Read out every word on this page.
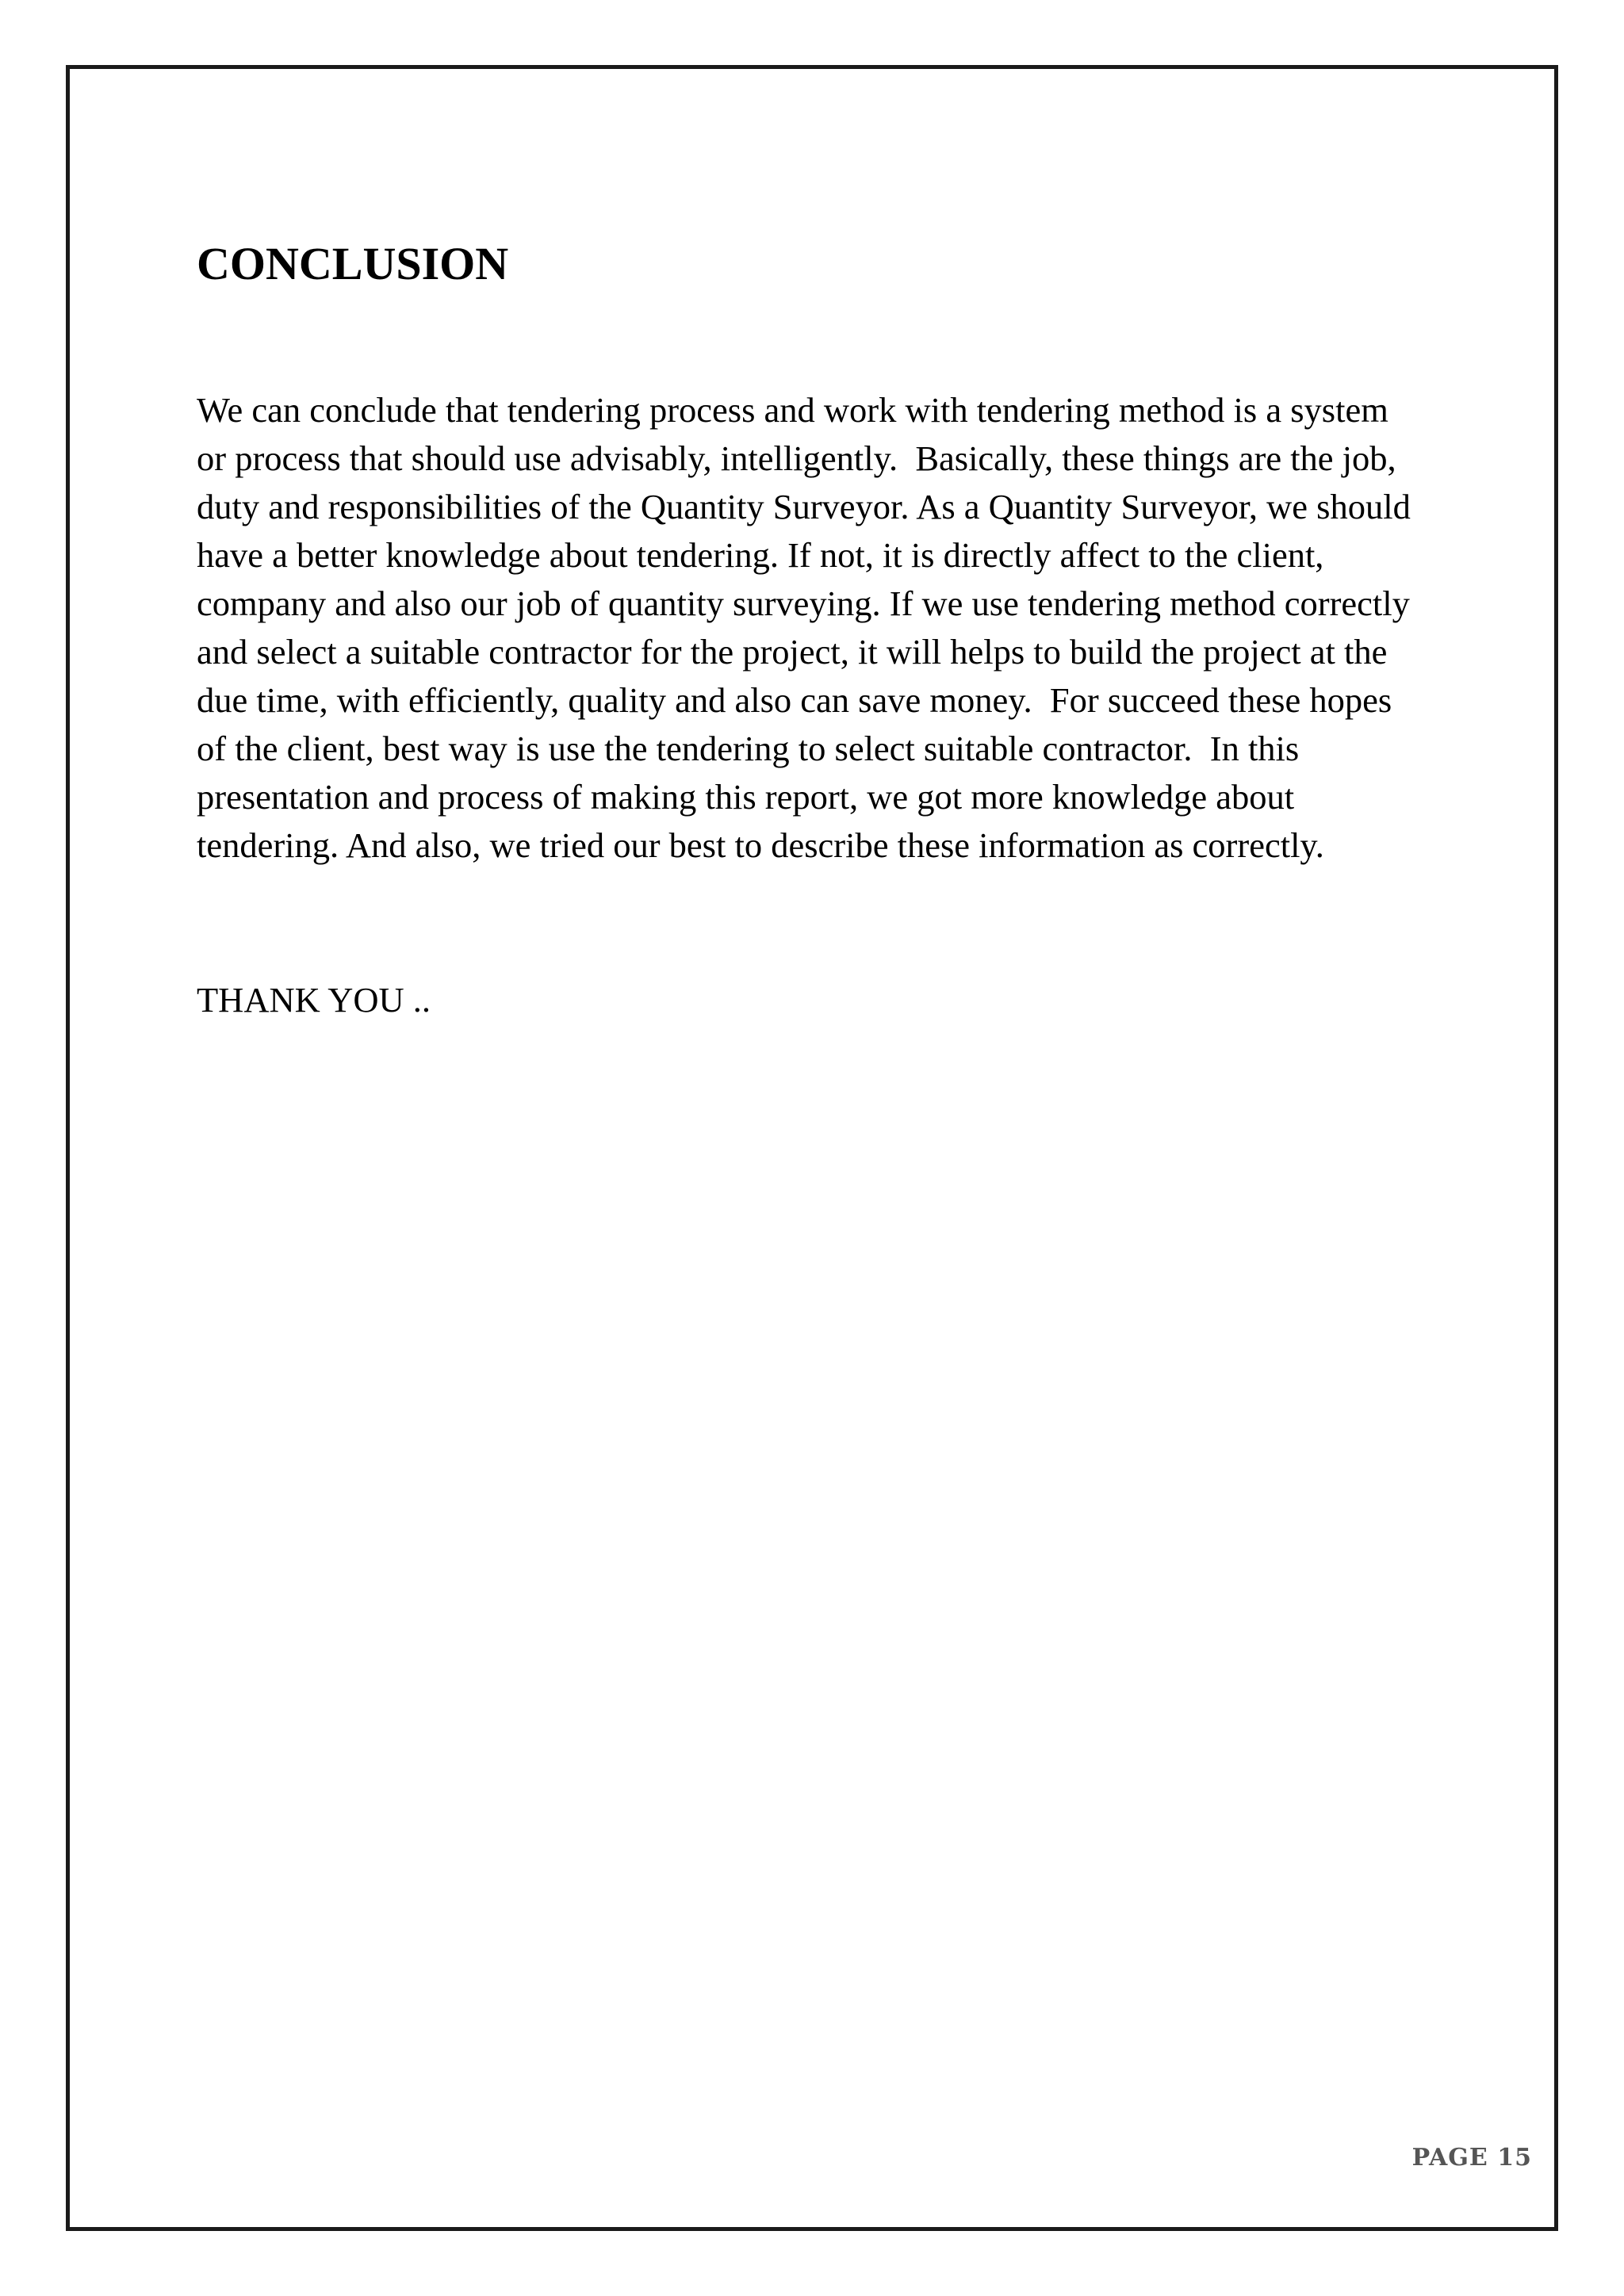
CONCLUSION
We can conclude that tendering process and work with tendering method is a system
or process that should use advisably, intelligently.  Basically, these things are the job,
duty and responsibilities of the Quantity Surveyor. As a Quantity Surveyor, we should
have a better knowledge about tendering. If not, it is directly affect to the client,
company and also our job of quantity surveying. If we use tendering method correctly
and select a suitable contractor for the project, it will helps to build the project at the
due time, with efficiently, quality and also can save money.  For succeed these hopes
of the client, best way is use the tendering to select suitable contractor.  In this
presentation and process of making this report, we got more knowledge about
tendering. And also, we tried our best to describe these information as correctly.

THANK YOU ..

PAGE 15
